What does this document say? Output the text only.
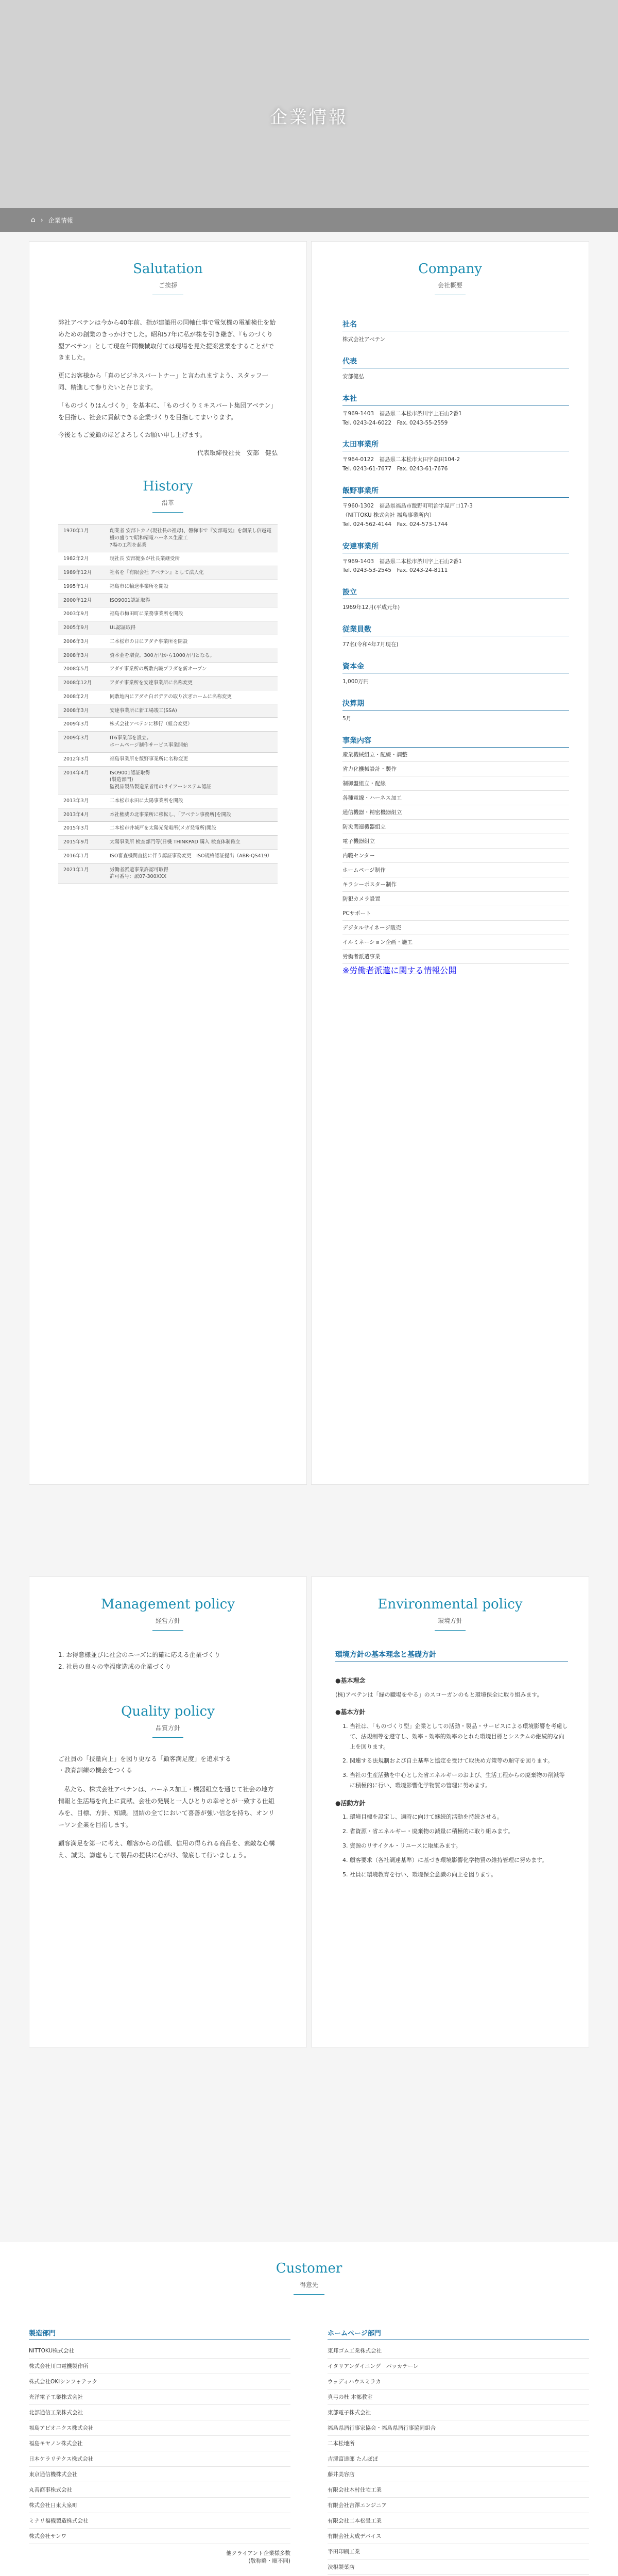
企業情報
⌂ › 企業情報
Salutation
ご挨拶

弊社アベテンは今から40年前、指が建築用の同軸仕事で電気機の電補検仕を始めための創業のきっかけでした。昭和57年に私が株を引き継ぎ、『ものづくり型アベテン』として現在年間機械取付ては現場を見た提案営業をすることができました。

更にお客様から「真のビジネスパートナー」と言われますよう、スタッフ一同、精進して参りたいと存じます。

「ものづくりはんづくり」を基本に、「ものづくりミキスパート集団アベテン」を目指し、社会に貢献できる企業づくりを目指してまいります。

今後ともご愛顧のほどよろしくお願い申し上げます。

代表取締役社長　安部　健弘
History
沿革
1970年1月	創業者 安部トカノ(現社長の祖母)、磐梯市で『安部電気』を創業し信越電機の盛りで昭和精電ハーネス生産工
?場の工程を起業
1982年2月	現社長 安部健弘が社長業継受所
1989年12月	社名を『有限会社 アベテン』として法人化
1995年1月	福島市に輸送事業所を開設
2000年12月	ISO9001認証取得
2003年9月	福島市梅田町に業務事業所を開設
2005年9月	UL認証取得
2006年3月	二本松市の日にアダチ事業所を開設
2008年3月	資本金を増資。300万円から1000万円となる。
2008年5月	アダチ事業所の所敷内職プラダを新オープン
2008年12月	アダチ事業所を安達事業所に名称変更
2008年2月	同敷地内にアダチ白ボデアの取り次ぎホームに名称変更
2008年3月	安達事業所に新工場竣工(SSA)
2009年3月	株式会社アベテンに移行（組合変更）
2009年3月	IT6事業部を設立。
ホームページ制作サービス事業開始
2012年3月	福島事業所を飯野事業所に名称変更
2014年4月	ISO9001認証取得
(製造部門)
監視品製品製造業者用のサイアーシステム認証
2013年3月	二本松市永田に太陽事業所を開設
2013年4月	本社権威の北事業所に移転し、「アベテン事務所]を開設
2015年3月	二本松市井城戸を太陽光発電所(メガ発電所)開設
2015年9月	太陽事業所 検査部門等(日機 THINKPAD 購入 検査体制確立
2016年1月	ISO審査機関直接に伴う認証事務変更　ISO規格認証提出（ABR-QS419）
2021年1月	労働者派遣事業許認可取得
許可番号：派07-300XXX
Company
会社概要
社名
株式会社アベテン
代表
安部健弘
本社
〒969-1403　福島県二本松市渋川字上石山2番1
Tel. 0243-24-6022　Fax. 0243-55-2559
太田事業所
〒964-0122　福島県二本松市太田字森田104-2
Tel. 0243-61-7677　Fax. 0243-61-7676
飯野事業所
〒960-1302　福島県福島市飯野町明治字屋戸口17-3
（NITTOKU 株式会社 福島事業所内）
Tel. 024-562-4144　Fax. 024-573-1744
安達事業所
〒969-1403　福島県二本松市渋川字上石山2番1
Tel. 0243-53-2545　Fax. 0243-24-8111
設立
1969年12月(平成元年)
従業員数
77名(令和4年7月現在)
資本金
1,000万円
決算期
5月
事業内容
産業機械組立・配線・調整
省力化機械設計・製作
制御盤組立・配線
各種電線・ハーネス加工
通信機器・精密機器組立
防災関連機器組立
電子機器組立
内職センター
ホームページ制作
キラシーポスター制作
防犯カメラ設置
PCサポート
デジタルサイネージ販売
イルミネーション企画・施工
労働者派遣事業
※労働者派遣に関する情報公開
Management policy
経営方針
1. お得意様並びに社会のニーズに的確に応える企業づくり
2. 社員の良々の幸福度造成の企業づくり
Quality policy
品質方針

ご社員の「技量向上」を図り更なる「顧客満足度」を追求する
・教育訓練の機会をつくる

　私たち、株式会社アベテンは、ハーネス加工・機器組立を通じて社会の地方情報と生活場を向上に貢献、会社の発展と一人ひとりの幸せとが一致する仕組みを、目標、方針、知識。団結の全てにおいて喜善が強い信念を持ち、オンリーワン企業を目指します。

顧客満足を第一に考え、顧客からの信頼、信用の得られる商品を、素敵な心構え、誠実、謙虚もして製品の提供に心がけ、徹底して行いましょう。

Environmental policy
環境方針
環境方針の基本理念と基礎方針
●基本理念

(株)アベテンは「緑の職場をやる」のスローガンのもと環境保全に取り組みます。

●基本方針
1. 当社は、「ものづくり型」企業としての活動・製品・サービスによる環境影響を考慮して、法規制等を遵守し、効率・効率的効率のとれた環境目標とシステムの継続的な向上を図ります。
2. 関連する法規制および自主基準と協定を受けて取決め方策等の順守を図ります。
3. 当社の生産活動を中心とした省エネルギーのおよび、生活工程からの廃棄物の削減等に積極的に行い、環境影響化学物質の管理に努めます。
●活動方針
1. 環境目標を設定し、適時に向けて継続的活動を持続させる。
2. 省資源・省エネルギー・廃棄物の減量に積極的に取り組みます。
3. 資源のリサイクル・リユースに取組みます。
4. 顧客要求（各社調達基準）に基づき環境影響化学物質の維持管理に努めます。
5. 社員に環境教育を行い、環境保全意識の向上を図ります。
Customer
得意先
製造部門
NITTOKU株式会社
株式会社川口電機製作所
株式会社OKIシンフォテック
光洋電子工業株式会社
北部通信工業株式会社
福島アピオニクス株式会社
福島キヤノン株式会社
日本ケラリテクス株式会社
東京通信機株式会社
丸善商事株式会社
株式会社日東大泉町
ミナリ福機製造株式会社
株式会社サンワ
他クライアント企業様多数
(敬称略・順不同)
ホームページ部門
東邦ゴム工業株式会社
イタリアンダイニング　パッカテーレ
ウッディハウスミラカ
真弓の杜 本部教室
東部電子株式会社
福島県酒行事家協会・福島県酒行事協同組合
二本松地所
吉澤富達郎 たんぽぽ
藤井美容店
有限会社木村住宅工業
有限会社吉澤エンジニア
有限会社二本松畳工業
有限会社太成デバイス
平田印刷工業
渋根製菓店
